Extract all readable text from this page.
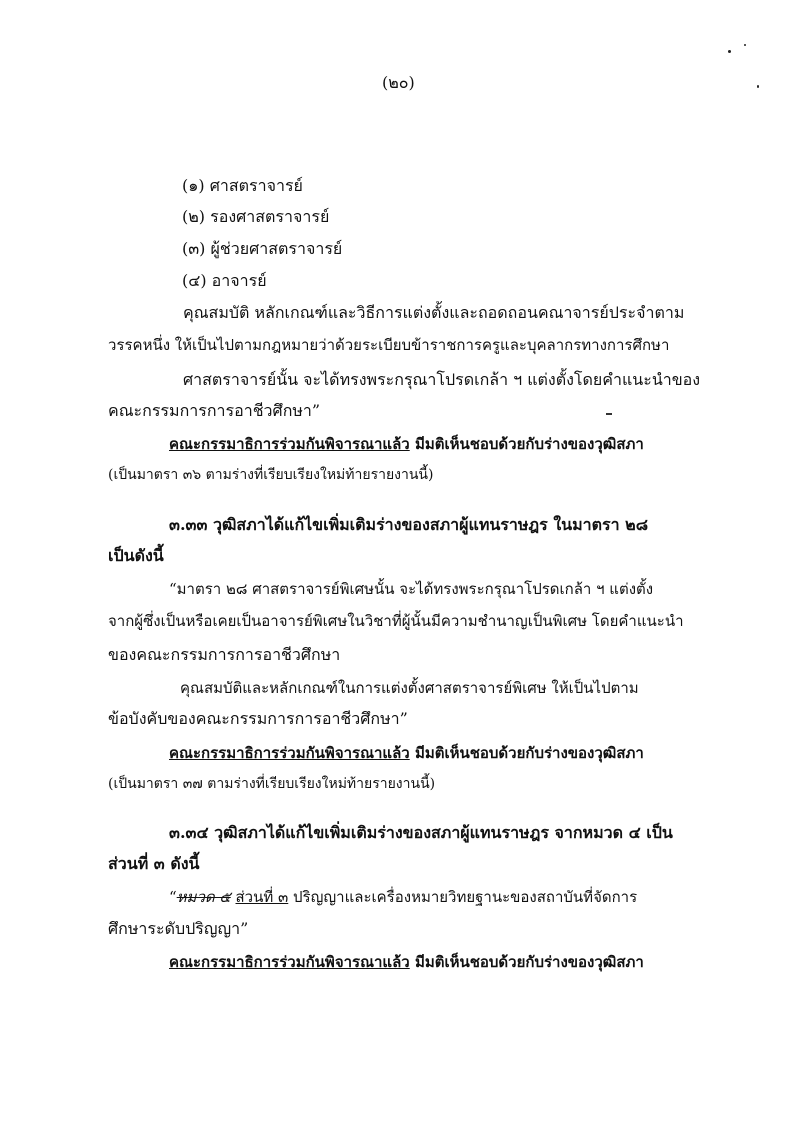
(๒๐)
(๑) ศาสตราจารย์
(๒) รองศาสตราจารย์
(๓) ผู้ช่วยศาสตราจารย์
(๔) อาจารย์
คุณสมบัติ หลักเกณฑ์และวิธีการแต่งตั้งและถอดถอนคณาจารย์ประจำตาม
วรรคหนึ่ง ให้เป็นไปตามกฎหมายว่าด้วยระเบียบข้าราชการครูและบุคลากรทางการศึกษา
ศาสตราจารย์นั้น จะได้ทรงพระกรุณาโปรดเกล้า ฯ แต่งตั้งโดยคำแนะนำของ
คณะกรรมการการอาชีวศึกษา”
คณะกรรมาธิการร่วมกันพิจารณาแล้ว มีมติเห็นชอบด้วยกับร่างของวุฒิสภา
(เป็นมาตรา ๓๖ ตามร่างที่เรียบเรียงใหม่ท้ายรายงานนี้)
๓.๓๓ วุฒิสภาได้แก้ไขเพิ่มเติมร่างของสภาผู้แทนราษฎร ในมาตรา ๒๘
เป็นดังนี้
“มาตรา ๒๘ ศาสตราจารย์พิเศษนั้น จะได้ทรงพระกรุณาโปรดเกล้า ฯ แต่งตั้ง
จากผู้ซึ่งเป็นหรือเคยเป็นอาจารย์พิเศษในวิชาที่ผู้นั้นมีความชำนาญเป็นพิเศษ โดยคำแนะนำ
ของคณะกรรมการการอาชีวศึกษา
คุณสมบัติและหลักเกณฑ์ในการแต่งตั้งศาสตราจารย์พิเศษ ให้เป็นไปตาม
ข้อบังคับของคณะกรรมการการอาชีวศึกษา”
คณะกรรมาธิการร่วมกันพิจารณาแล้ว มีมติเห็นชอบด้วยกับร่างของวุฒิสภา
(เป็นมาตรา ๓๗ ตามร่างที่เรียบเรียงใหม่ท้ายรายงานนี้)
๓.๓๔ วุฒิสภาได้แก้ไขเพิ่มเติมร่างของสภาผู้แทนราษฎร จากหมวด ๔ เป็น
ส่วนที่ ๓ ดังนี้
“หมวด ๕ ส่วนที่ ๓ ปริญญาและเครื่องหมายวิทยฐานะของสถาบันที่จัดการ
ศึกษาระดับปริญญา”
คณะกรรมาธิการร่วมกันพิจารณาแล้ว มีมติเห็นชอบด้วยกับร่างของวุฒิสภา
